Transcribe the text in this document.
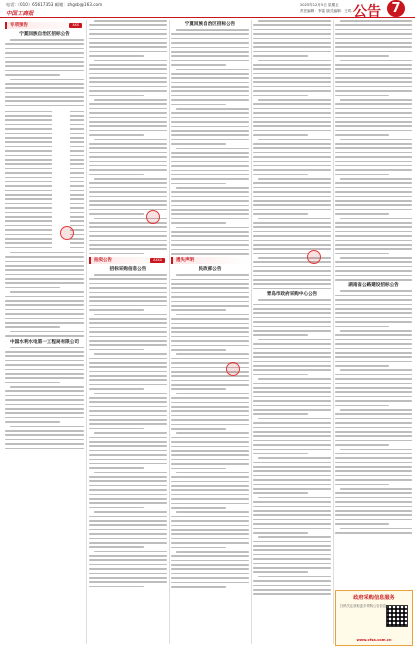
电话:（010）65617353 邮箱：zhgsb@163.com
中国工商报
2025年12月5日 星期五
责任编辑：李雷 版式编辑：王鸣 公告 7
专项预告	AXX
宁夏回族自治区招标公告
中国水利水电第一工程局有限公司
拍卖公告	AXXX
招标采购信息公告
宁夏回族自治区招标公告
遗失声明
民政部公告
青岛市政府采购中心公告
湖南省公路建设招标公告
政府采购信息服务
扫码关注获取更多采购公告信息
www.cfsa.com.cn
